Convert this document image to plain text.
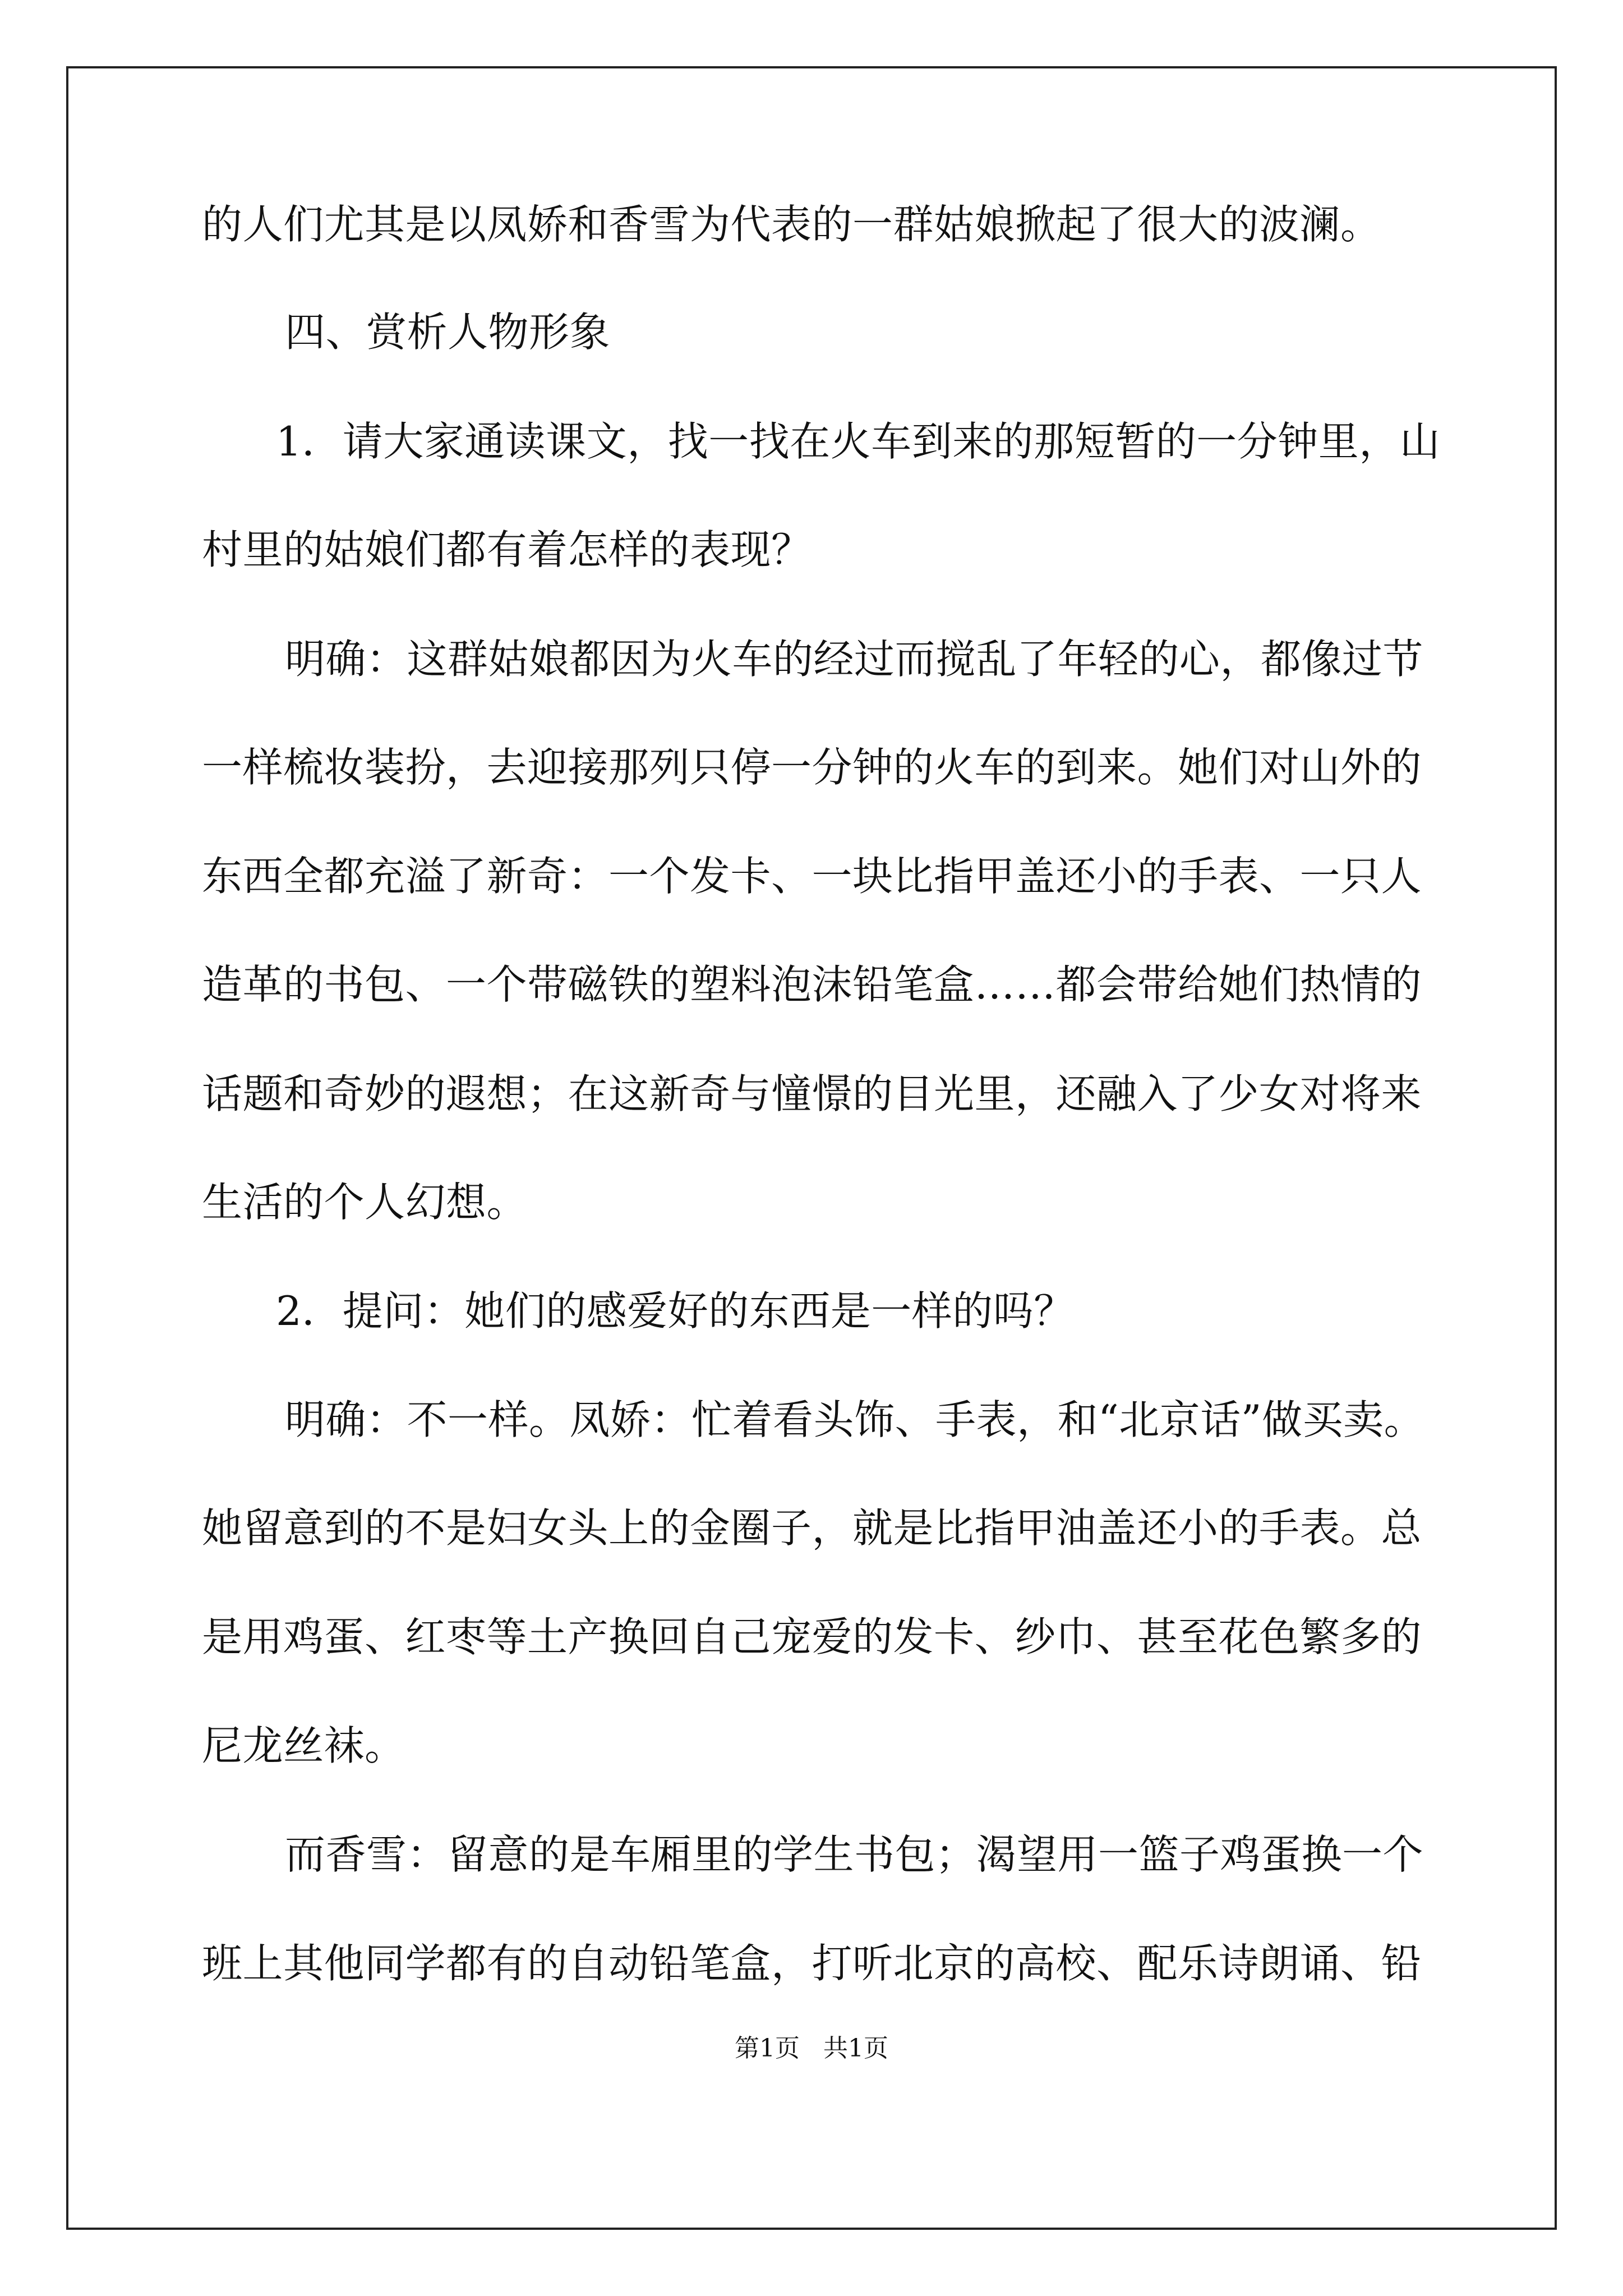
的人们尤其是以凤娇和香雪为代表的一群姑娘掀起了很大的波澜。
四、赏析人物形象
1．请大家通读课文，找一找在火车到来的那短暂的一分钟里，山
村里的姑娘们都有着怎样的表现？
明确：这群姑娘都因为火车的经过而搅乱了年轻的心，都像过节
一样梳妆装扮，去迎接那列只停一分钟的火车的到来。她们对山外的
东西全都充溢了新奇：一个发卡、一块比指甲盖还小的手表、一只人
造革的书包、一个带磁铁的塑料泡沫铅笔盒……都会带给她们热情的
话题和奇妙的遐想；在这新奇与憧憬的目光里，还融入了少女对将来
生活的个人幻想。
2．提问：她们的感爱好的东西是一样的吗？
明确：不一样。凤娇：忙着看头饰、手表，和“北京话”做买卖。
她留意到的不是妇女头上的金圈子，就是比指甲油盖还小的手表。总
是用鸡蛋、红枣等土产换回自己宠爱的发卡、纱巾、甚至花色繁多的
尼龙丝袜。
而香雪：留意的是车厢里的学生书包；渴望用一篮子鸡蛋换一个
班上其他同学都有的自动铅笔盒，打听北京的高校、配乐诗朗诵、铅
第1页   共1页
